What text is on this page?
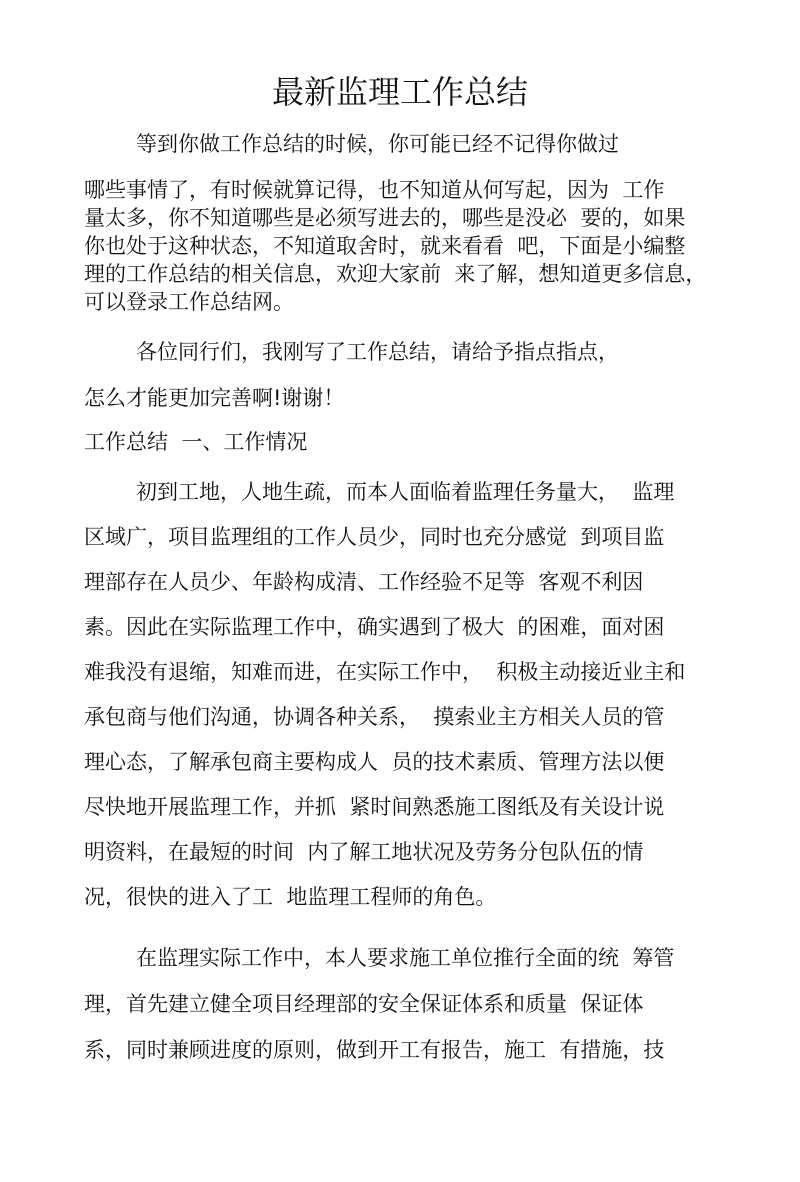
最新监理工作总结
等到你做工作总结的时候，你可能已经不记得你做过
哪些事情了，有时候就算记得，也不知道从何写起，因为  工作
量太多，你不知道哪些是必须写进去的，哪些是没必  要的，如果
你也处于这种状态，不知道取舍时，就来看看  吧，下面是小编整
理的工作总结的相关信息，欢迎大家前  来了解，想知道更多信息，
可以登录工作总结网。
各位同行们，我刚写了工作总结，请给予指点指点，
怎么才能更加完善啊!谢谢！
工作总结  一、工作情况
初到工地，人地生疏，而本人面临着监理任务量大，  监理
区域广，项目监理组的工作人员少，同时也充分感觉  到项目监
理部存在人员少、年龄构成清、工作经验不足等  客观不利因
素。因此在实际监理工作中，确实遇到了极大  的困难，面对困
难我没有退缩，知难而进，在实际工作中，  积极主动接近业主和
承包商与他们沟通，协调各种关系，  摸索业主方相关人员的管
理心态，了解承包商主要构成人  员的技术素质、管理方法以便
尽快地开展监理工作，并抓  紧时间熟悉施工图纸及有关设计说
明资料，在最短的时间  内了解工地状况及劳务分包队伍的情
况，很快的进入了工  地监理工程师的角色。
在监理实际工作中，本人要求施工单位推行全面的统  筹管
理，首先建立健全项目经理部的安全保证体系和质量  保证体
系，同时兼顾进度的原则，做到开工有报告，施工  有措施，技
